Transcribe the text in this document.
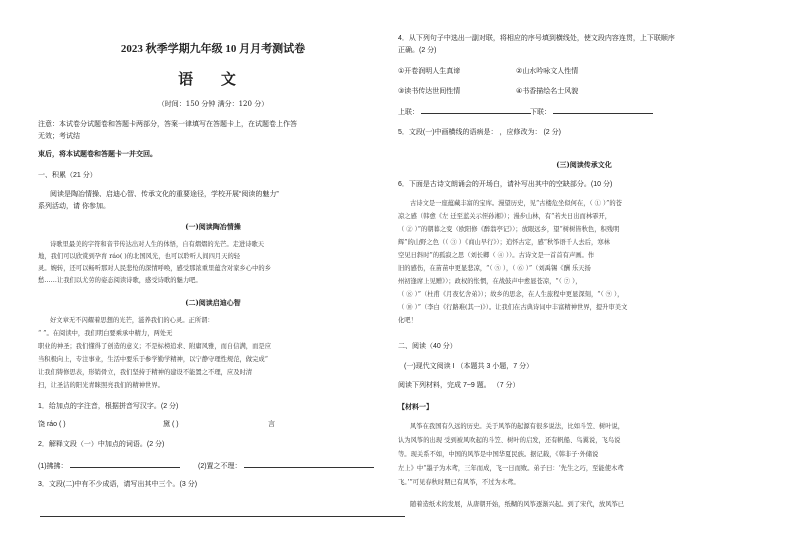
2023 秋季学期九年级 10 月月考测试卷
语 文
（时间：150 分钟 满分：120 分）
注意：本试卷分试题卷和答题卡两部分，答案一律填写在答题卡上，在试题卷上作答
无效；考试结
束后，将本试题卷和答题卡一并交回。
一、积累（21 分）
阅读是陶冶情操、启迪心智、传承文化的重要途径，学校开展“阅读的魅力”
系列活动，请 你参加。
(一)阅读陶冶情操
诗歌里最美的字符和音节传达出对人生的体悟，自有熠熠的光芒。走进诗歌天
地，我们可以欣赏到孕育 ráo( )的北国风光，也可以聆听人间四月天的轻
灵。婉转，还可以畅听那对人民悲怆的深情呼唤，感受那浓重里蕴含对家乡心中的乡
愁……让我们以尤劳的姿态阅读诗歌，感受诗歌的魅力吧。
(二)阅读启迪心智
好文章无不闪耀着思想的光芒，滋养我们的心灵。正所谓：
“ ”。在阅读中，我们明白要乘承中精力，两处无
职业的神圣；我们懂得了创造的意义；不是标榜追求、附庸风雅，而自信满，而是应
当积极向上，专注事业，生活中要乐于参学勤学精神，以宁静守理性规范，做完成“
让我们铸修思表，形销骨立，我们坚持于精神的建设不能置之不理，应及时清
扫，让圣洁的阳光青睐照亮我们的精神世界。
1．给加点的字注音，根据拼音写汉字。(2 分)
饶 ráo ( )	黛 ( )	言
2．解释文段（一）中加点的词语。(2 分)
(1)拂拂：	(2)置之不理：
3．文段(二)中有不少成语，请写出其中三个。(3 分)
4．从下列句子中选出一副对联，将相应的序号填到横线处，使文段内容连贯，上下联顺序
正确。(2 分)
①开卷润明人生真谛	②山水吟咏文人性情
③读书传达世间性情	④书香描绘名士风貌
上联：	下联：
5．文段(一)中画横线的语病是： ，应修改为： (2 分)
(三)阅读传承文化
6．下面是古诗文朗诵会的开场白，请补写出其中的空缺部分。(10 分)
古诗文是一座蕴藏丰富的宝库。漫望历史，见“古楼危坐似何在，（ ① ）”的苍
凉之感（韩愈《左 迁至蓝关示侄孙湘》）；漫步山林，有“若夫日出而林霏开，
（ ② ）”的朝暮之变（欧阳修《醉翁亭记》）；放眼远乡，望“树树皆秋色，积残明
辉”的山野之色（（ ③ ）《商山早行》）；追怀古定，感“秋筝语千人去后，寒林
空见日斜时”的孤寂之思（刘长卿（ ④ ））。古诗文是一首首有声画。作
旧的感伤，在苗苗中更显悲凉，“（ ⑤ ），（ ⑥ ）”（刘禹锡《酬 乐天扬
州初逢席上见赠》）；政权的怅惘，在战鼓声中愈显苍凉，“（ ⑦ ），
（ ⑧ ）”（杜甫《月夜忆舍弟》）；故乡的思念，在人生旅程中更显深刻，“（ ⑨ ），
（ ⑩ ）”（李白《行路难(其一)》）。让我们在古典诗词中丰富精神世界，提升审美文
化吧！
二、阅读（40 分）
(一)现代文阅读 I （本题共 3 小题，7 分）
阅读下列材料，完成 7~9 题。 （7 分）
【材料一】
风筝在我国有久远的历史。关于风筝的起源有很多说法，比如斗笠、树叶说，
认为风筝的出现 受到被风吹起的斗笠、树叶的启发，还有帆船、鸟翼说，飞鸟说
等。现关系不如，中国的风筝是中国华夏民族。据记载，《韩非子·外储说
左上》中“墨子为木鸢，三年而成，飞一日而败。弟子曰：‘先生之巧，至能使木鸢
飞。’”可见春秋时期已有风筝，不过为木鸢。
随着造纸术的发展，从唐朝开始，纸糊的风筝逐渐兴起。到了宋代，放风筝已
